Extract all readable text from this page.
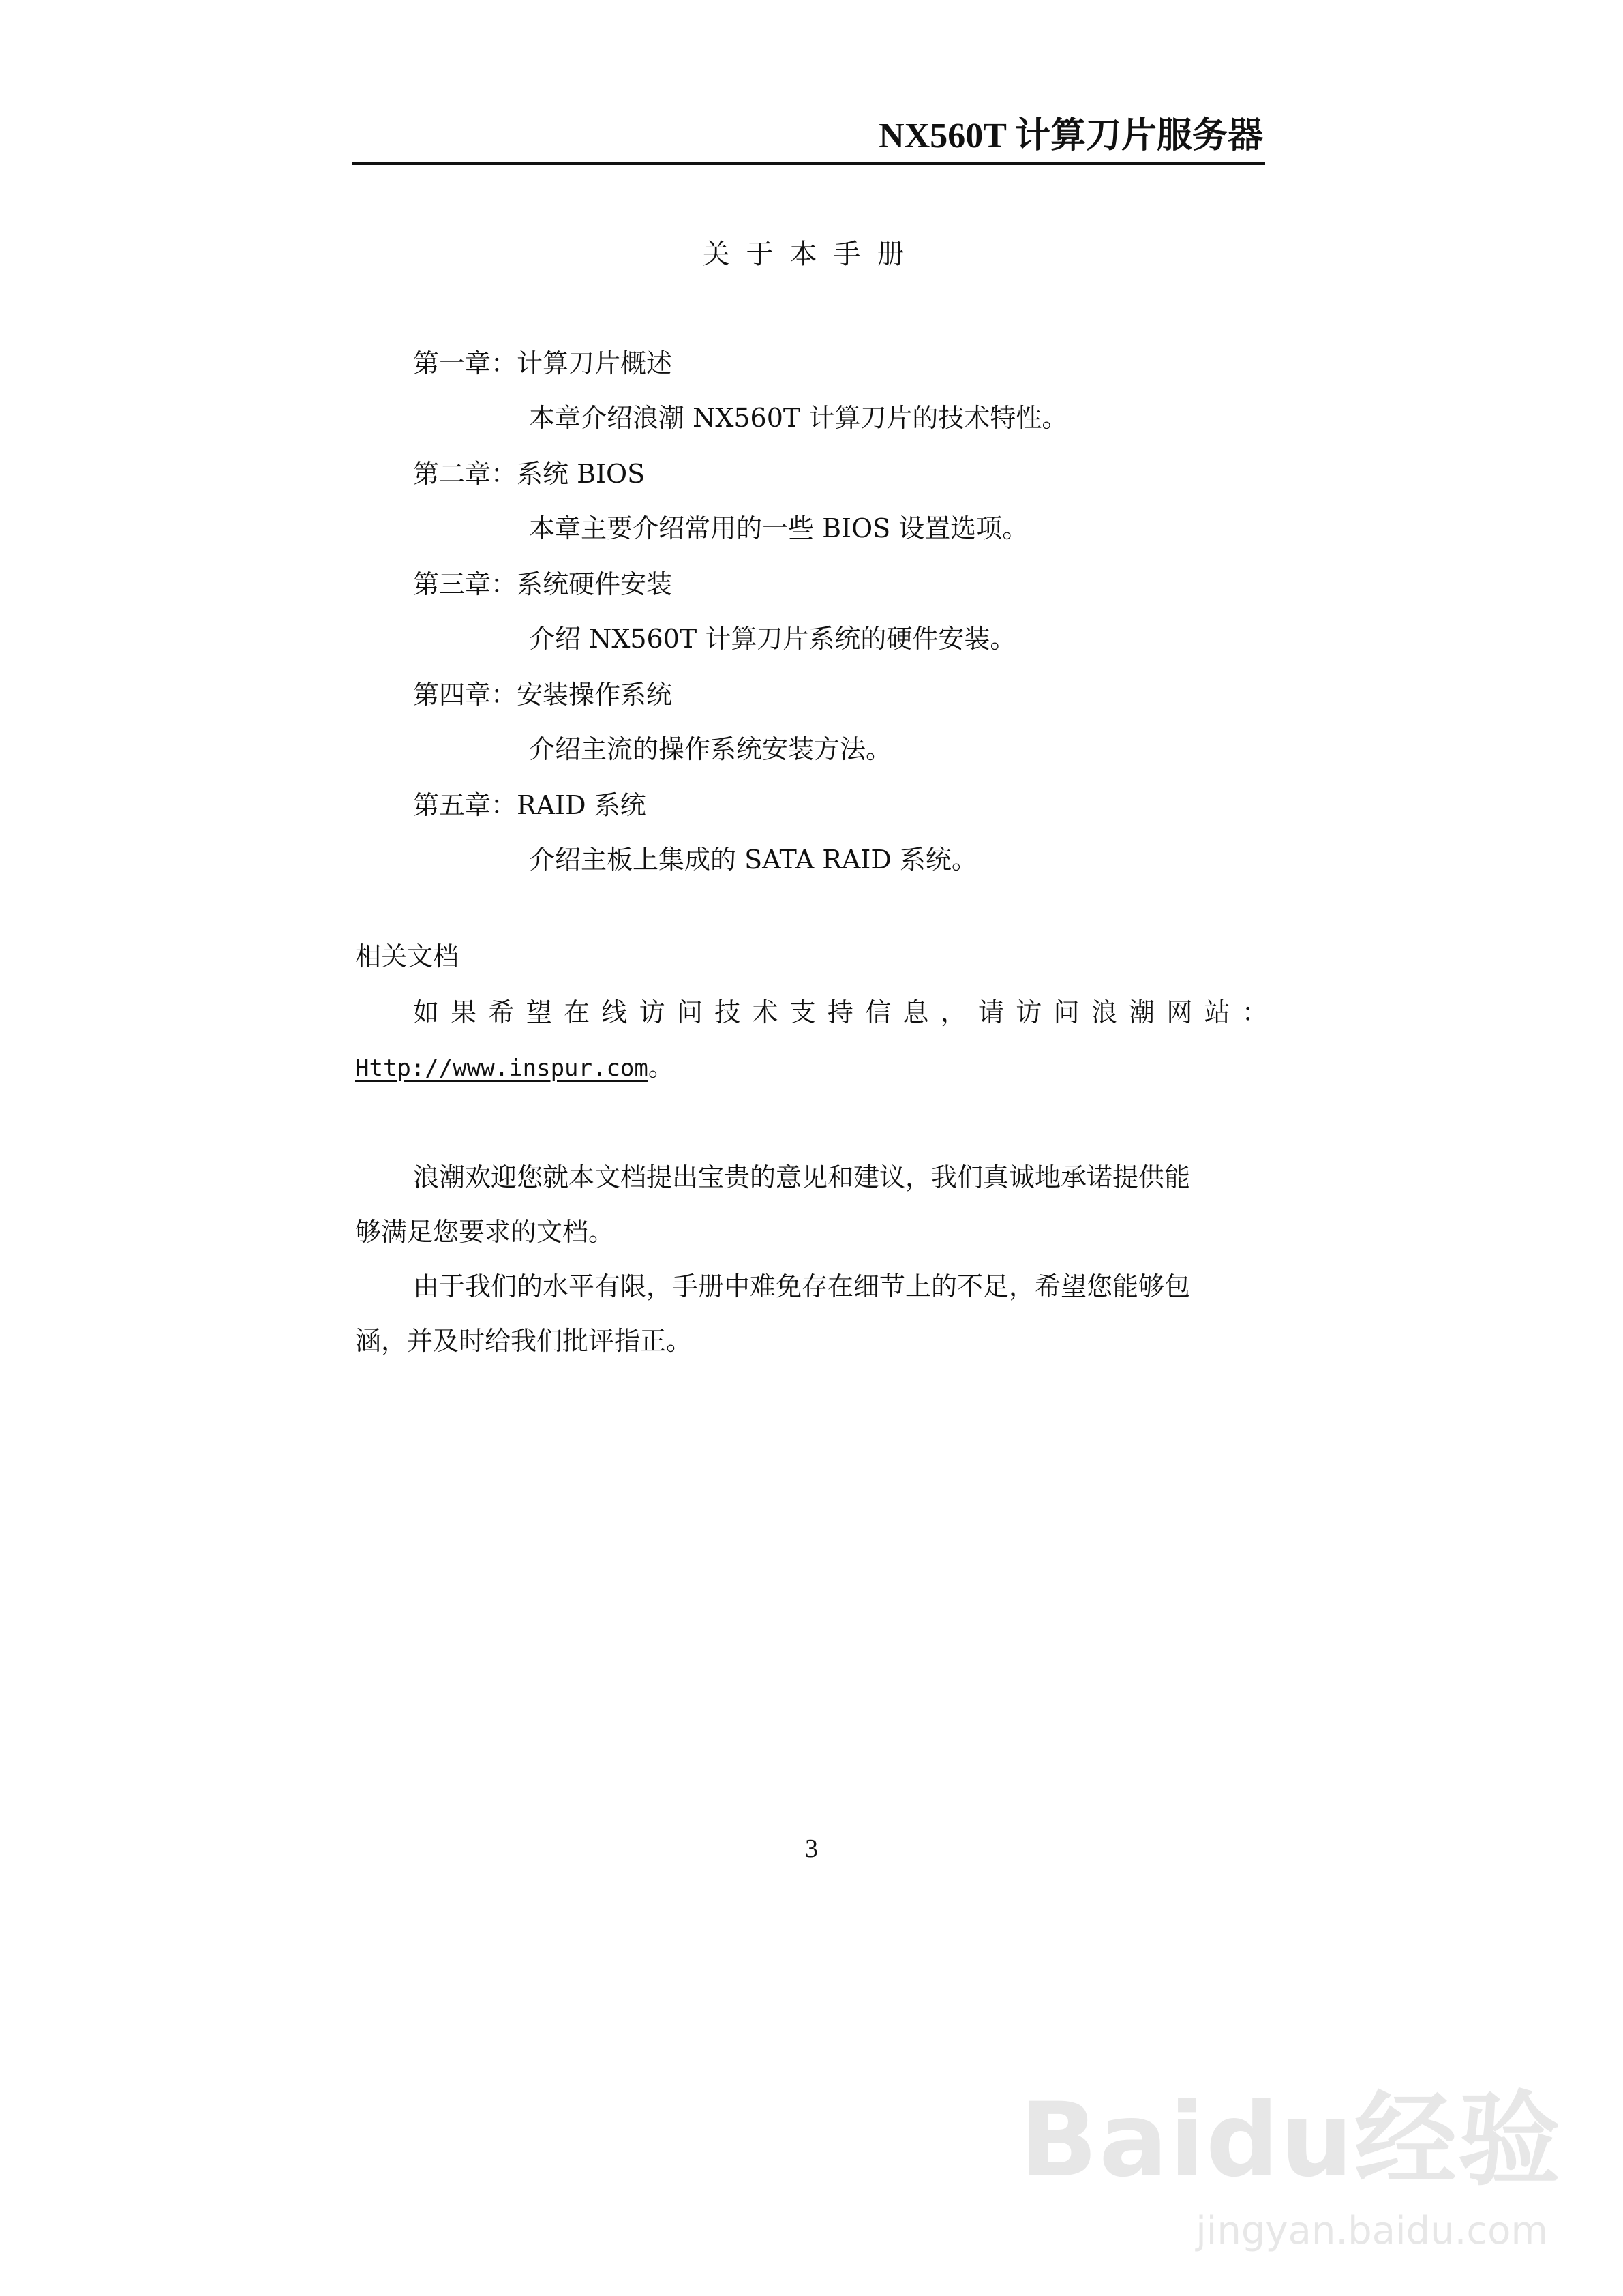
NX560T 计算刀片服务器
关于本手册
第一章：计算刀片概述
本章介绍浪潮 NX560T 计算刀片的技术特性。
第二章：系统 BIOS
本章主要介绍常用的一些 BIOS 设置选项。
第三章：系统硬件安装
介绍 NX560T 计算刀片系统的硬件安装。
第四章：安装操作系统
介绍主流的操作系统安装方法。
第五章：RAID 系统
介绍主板上集成的 SATA RAID 系统。
相关文档
如 果 希 望 在 线 访 问 技 术 支 持 信 息 ， 请 访 问 浪 潮 网 站 ：
Http://www.inspur.com。
浪潮欢迎您就本文档提出宝贵的意见和建议，我们真诚地承诺提供能
够满足您要求的文档。
由于我们的水平有限，手册中难免存在细节上的不足，希望您能够包
涵，并及时给我们批评指正。
3
Baidu经验
jingyan.baidu.com
